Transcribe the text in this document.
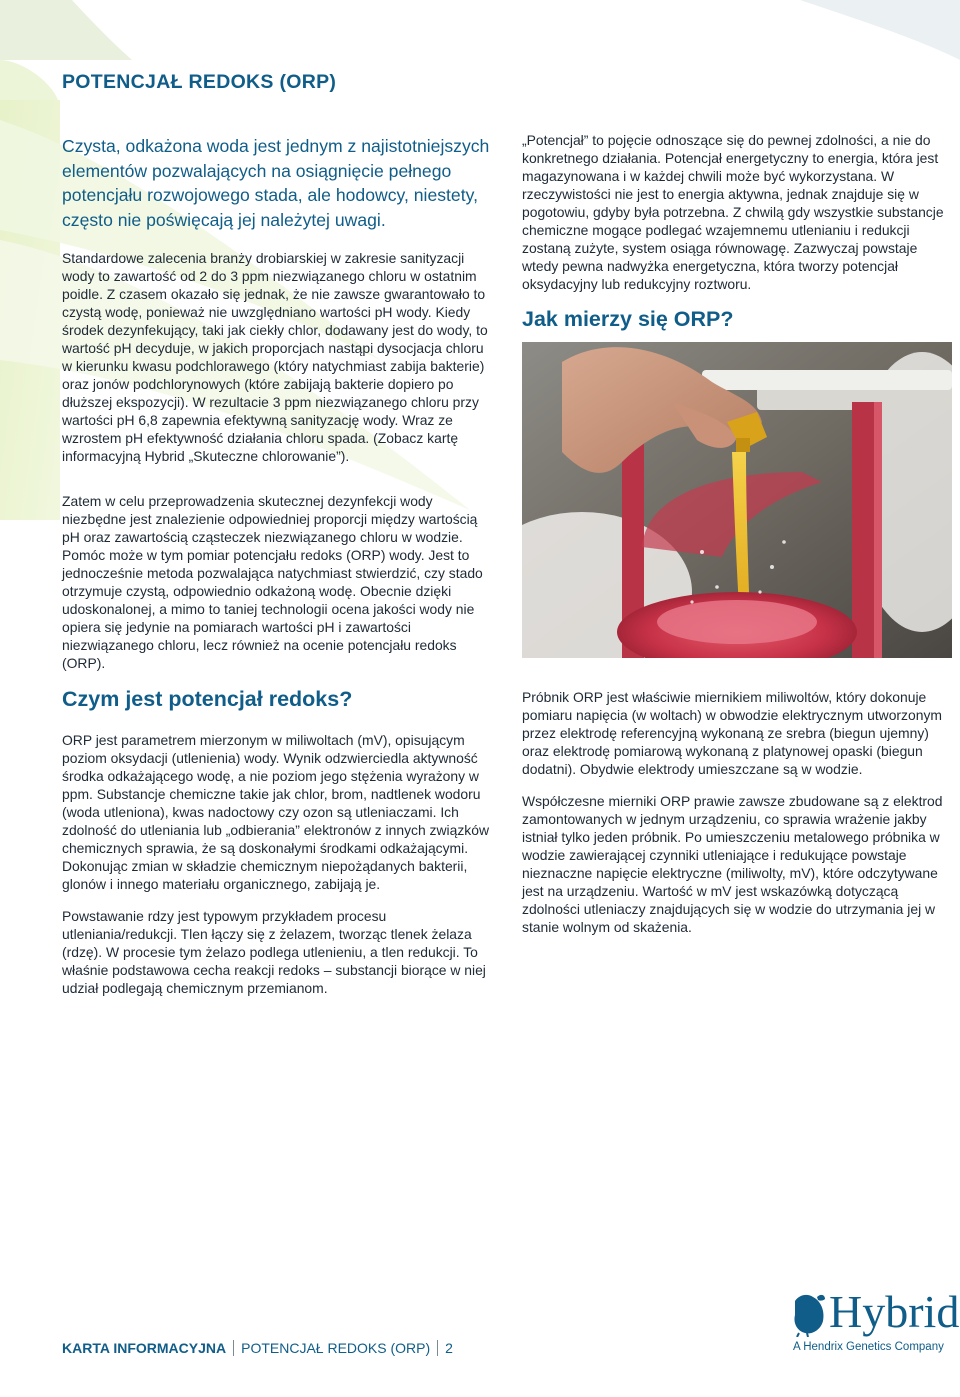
POTENCJAŁ REDOKS (ORP)

Czysta, odkażona woda jest jednym z najistotniejszych elementów pozwalających na osiągnięcie pełnego potencjału rozwojowego stada, ale hodowcy, niestety, często nie poświęcają jej należytej uwagi.

Standardowe zalecenia branży drobiarskiej w zakresie sanityzacji wody to zawartość od 2 do 3 ppm niezwiązanego chloru w ostatnim poidle. Z czasem okazało się jednak, że nie zawsze gwarantowało to czystą wodę, ponieważ nie uwzględniano wartości pH wody. Kiedy środek dezynfekujący, taki jak ciekły chlor, dodawany jest do wody, to wartość pH decyduje, w jakich proporcjach nastąpi dysocjacja chloru w kierunku kwasu podchlorawego (który natychmiast zabija bakterie) oraz jonów podchlorynowych (które zabijają bakterie dopiero po dłuższej ekspozycji). W rezultacie 3 ppm niezwiązanego chloru przy wartości pH 6,8 zapewnia efektywną sanityzację wody. Wraz ze wzrostem pH efektywność działania chloru spada. (Zobacz kartę informacyjną Hybrid „Skuteczne chlorowanie”).

Zatem w celu przeprowadzenia skutecznej dezynfekcji wody niezbędne jest znalezienie odpowiedniej proporcji między wartością pH oraz zawartością cząsteczek niezwiązanego chloru w wodzie. Pomóc może w tym pomiar potencjału redoks (ORP) wody. Jest to jednocześnie metoda pozwalająca natychmiast stwierdzić, czy stado otrzymuje czystą, odpowiednio odkażoną wodę. Obecnie dzięki udoskonalonej, a mimo to taniej technologii ocena jakości wody nie opiera się jedynie na pomiarach wartości pH i zawartości niezwiązanego chloru, lecz również na ocenie potencjału redoks (ORP).

Czym jest potencjał redoks?

ORP jest parametrem mierzonym w miliwoltach (mV), opisującym poziom oksydacji (utlenienia) wody. Wynik odzwierciedla aktywność środka odkażającego wodę, a nie poziom jego stężenia wyrażony w ppm. Substancje chemiczne takie jak chlor, brom, nadtlenek wodoru (woda utleniona), kwas nadoctowy czy ozon są utleniaczami. Ich zdolność do utleniania lub „odbierania” elektronów z innych związków chemicznych sprawia, że są doskonałymi środkami odkażającymi. Dokonując zmian w składzie chemicznym niepożądanych bakterii, glonów i innego materiału organicznego, zabijają je.

Powstawanie rdzy jest typowym przykładem procesu utleniania/redukcji. Tlen łączy się z żelazem, tworząc tlenek żelaza (rdzę). W procesie tym żelazo podlega utlenieniu, a tlen redukcji. To właśnie podstawowa cecha reakcji redoks – substancji biorące w niej udział podlegają chemicznym przemianom.

„Potencjał” to pojęcie odnoszące się do pewnej zdolności, a nie do konkretnego działania. Potencjał energetyczny to energia, która jest magazynowana i w każdej chwili może być wykorzystana. W rzeczywistości nie jest to energia aktywna, jednak znajduje się w pogotowiu, gdyby była potrzebna. Z chwilą gdy wszystkie substancje chemiczne mogące podlegać wzajemnemu utlenianiu i redukcji zostaną zużyte, system osiąga równowagę. Zazwyczaj powstaje wtedy pewna nadwyżka energetyczna, która tworzy potencjał oksydacyjny lub redukcyjny roztworu.

Jak mierzy się ORP?

Próbnik ORP jest właściwie miernikiem miliwoltów, który dokonuje pomiaru napięcia (w woltach) w obwodzie elektrycznym utworzonym przez elektrodę referencyjną wykonaną ze srebra (biegun ujemny) oraz elektrodę pomiarową wykonaną z platynowej opaski (biegun dodatni). Obydwie elektrody umieszczane są w wodzie.

Współczesne mierniki ORP prawie zawsze zbudowane są z elektrod zamontowanych w jednym urządzeniu, co sprawia wrażenie jakby istniał tylko jeden próbnik. Po umieszczeniu metalowego próbnika w wodzie zawierającej czynniki utleniające i redukujące powstaje nieznaczne napięcie elektryczne (miliwolty, mV), które odczytywane jest na urządzeniu. Wartość w mV jest wskazówką dotyczącą zdolności utleniaczy znajdujących się w wodzie do utrzymania jej w stanie wolnym od skażenia.

KARTA INFORMACYJNA POTENCJAŁ REDOKS (ORP) 2

Hybrid
A Hendrix Genetics Company
